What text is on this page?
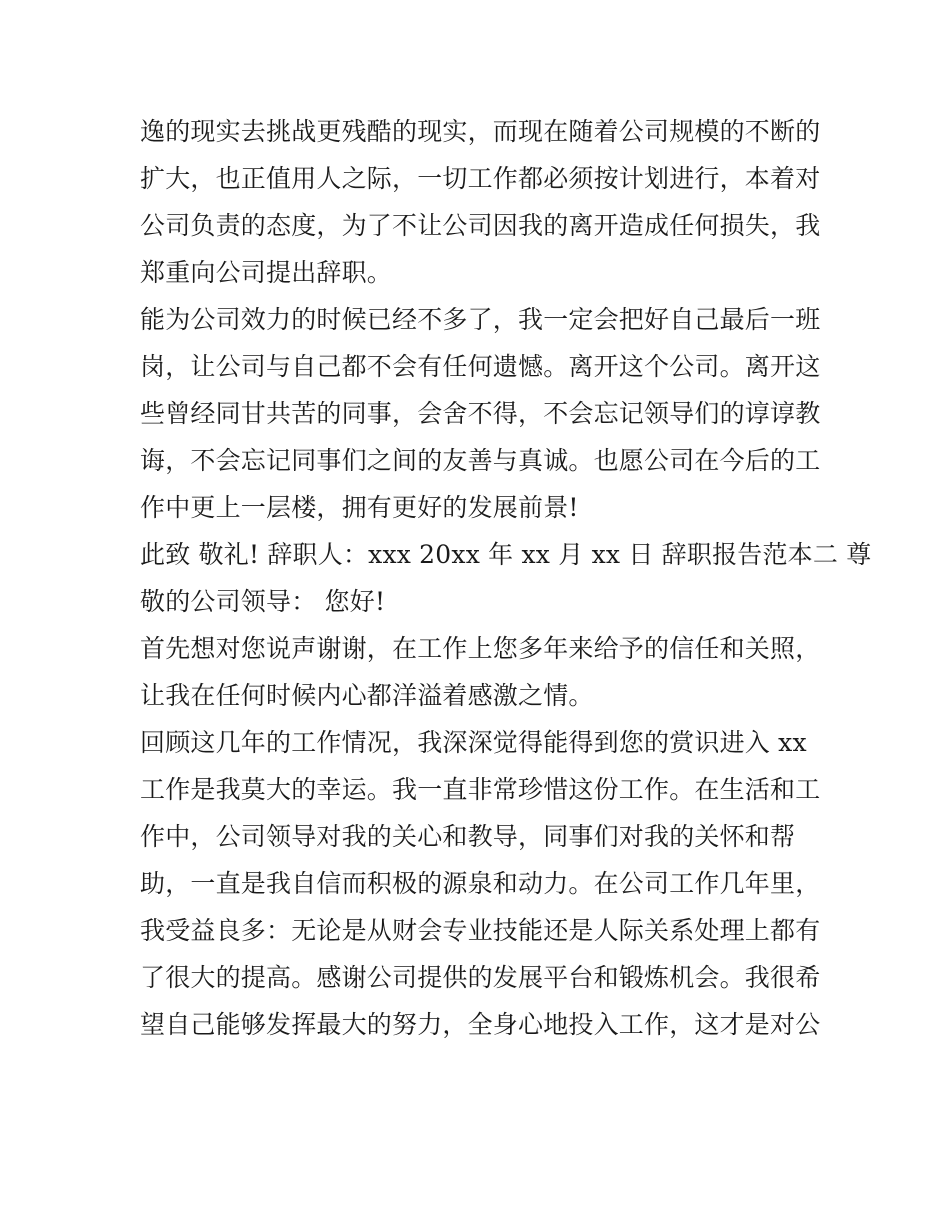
逸的现实去挑战更残酷的现实，而现在随着公司规模的不断的
扩大，也正值用人之际，一切工作都必须按计划进行，本着对
公司负责的态度，为了不让公司因我的离开造成任何损失，我
郑重向公司提出辞职。
能为公司效力的时候已经不多了，我一定会把好自己最后一班
岗，让公司与自己都不会有任何遗憾。离开这个公司。离开这
些曾经同甘共苦的同事，会舍不得，不会忘记领导们的谆谆教
诲，不会忘记同事们之间的友善与真诚。也愿公司在今后的工
作中更上一层楼，拥有更好的发展前景!
此致 敬礼! 辞职人：xxx 20xx 年 xx 月 xx 日 辞职报告范本二 尊
敬的公司领导： 您好!
首先想对您说声谢谢，在工作上您多年来给予的信任和关照，
让我在任何时候内心都洋溢着感激之情。
回顾这几年的工作情况，我深深觉得能得到您的赏识进入 xx
工作是我莫大的幸运。我一直非常珍惜这份工作。在生活和工
作中，公司领导对我的关心和教导，同事们对我的关怀和帮
助，一直是我自信而积极的源泉和动力。在公司工作几年里，
我受益良多：无论是从财会专业技能还是人际关系处理上都有
了很大的提高。感谢公司提供的发展平台和锻炼机会。我很希
望自己能够发挥最大的努力，全身心地投入工作，这才是对公
